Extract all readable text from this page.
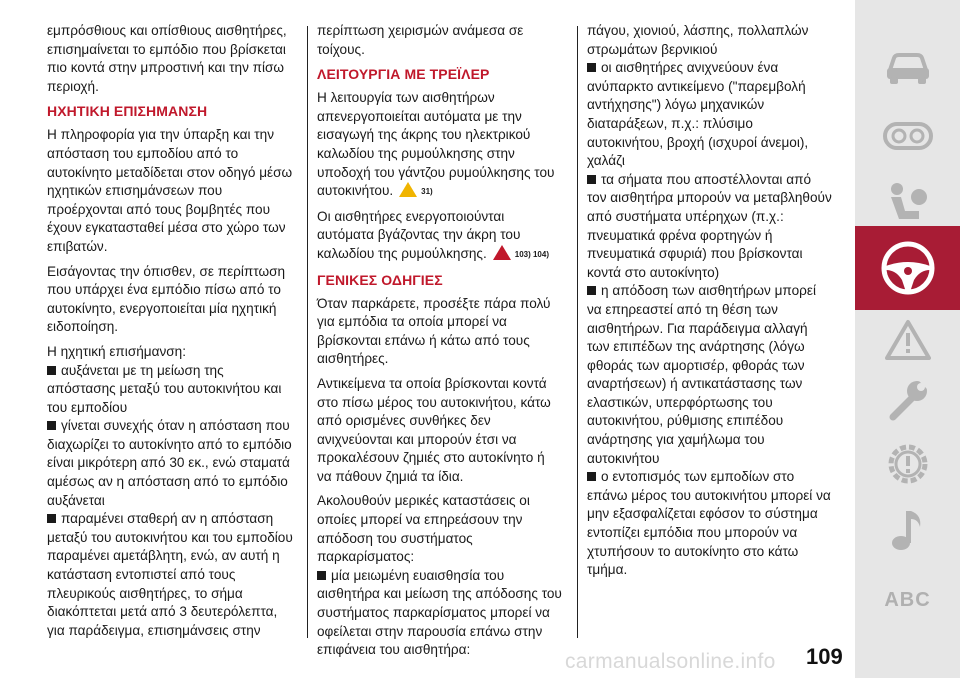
εμπρόσθιους και οπίσθιους αισθητήρες, επισημαίνεται το εμπόδιο που βρίσκεται πιο κοντά στην μπροστινή και την πίσω περιοχή.

ΗΧΗΤΙΚΗ ΕΠΙΣΗΜΑΝΣΗ

Η πληροφορία για την ύπαρξη και την απόσταση του εμποδίου από το αυτοκίνητο μεταδίδεται στον οδηγό μέσω ηχητικών επισημάνσεων που προέρχονται από τους βομβητές που έχουν εγκατασταθεί μέσα στο χώρο των επιβατών.

Εισάγοντας την όπισθεν, σε περίπτωση που υπάρχει ένα εμπόδιο πίσω από το αυτοκίνητο, ενεργοποιείται μία ηχητική ειδοποίηση.

Η ηχητική επισήμανση:

αυξάνεται με τη μείωση της απόστασης μεταξύ του αυτοκινήτου και του εμποδίου

γίνεται συνεχής όταν η απόσταση που διαχωρίζει το αυτοκίνητο από το εμπόδιο είναι μικρότερη από 30 εκ., ενώ σταματά αμέσως αν η απόσταση από το εμπόδιο αυξάνεται

παραμένει σταθερή αν η απόσταση μεταξύ του αυτοκινήτου και του εμποδίου παραμένει αμετάβλητη, ενώ, αν αυτή η κατάσταση εντοπιστεί από τους πλευρικούς αισθητήρες, το σήμα διακόπτεται μετά από 3 δευτερόλεπτα, για παράδειγμα, επισημάνσεις στην

περίπτωση χειρισμών ανάμεσα σε τοίχους.

ΛΕΙΤΟΥΡΓΙΑ ΜΕ ΤΡΕΪΛΕΡ

Η λειτουργία των αισθητήρων απενεργοποιείται αυτόματα με την εισαγωγή της άκρης του ηλεκτρικού καλωδίου της ρυμούλκησης στην υποδοχή του γάντζου ρυμούλκησης του αυτοκινήτου.	31)

Οι αισθητήρες ενεργοποιούνται αυτόματα βγάζοντας την άκρη του καλωδίου της ρυμούλκησης.	103) 104)

ΓΕΝΙΚΕΣ ΟΔΗΓΙΕΣ

Όταν παρκάρετε, προσέξτε πάρα πολύ για εμπόδια τα οποία μπορεί να βρίσκονται επάνω ή κάτω από τους αισθητήρες.

Αντικείμενα τα οποία βρίσκονται κοντά στο πίσω μέρος του αυτοκινήτου, κάτω από ορισμένες συνθήκες δεν ανιχνεύονται και μπορούν έτσι να προκαλέσουν ζημιές στο αυτοκίνητο ή να πάθουν ζημιά τα ίδια.

Ακολουθούν μερικές καταστάσεις οι οποίες μπορεί να επηρεάσουν την απόδοση του συστήματος παρκαρίσματος:

μία μειωμένη ευαισθησία του αισθητήρα και μείωση της απόδοσης του συστήματος παρκαρίσματος μπορεί να οφείλεται στην παρουσία επάνω στην επιφάνεια του αισθητήρα:

πάγου, χιονιού, λάσπης, πολλαπλών στρωμάτων βερνικιού

οι αισθητήρες ανιχνεύουν ένα ανύπαρκτο αντικείμενο ("παρεμβολή αντήχησης") λόγω μηχανικών διαταράξεων, π.χ.: πλύσιμο αυτοκινήτου, βροχή (ισχυροί άνεμοι), χαλάζι

τα σήματα που αποστέλλονται από τον αισθητήρα μπορούν να μεταβληθούν από συστήματα υπέρηχων (π.χ.: πνευματικά φρένα φορτηγών ή πνευματικά σφυριά) που βρίσκονται κοντά στο αυτοκίνητο)

η απόδοση των αισθητήρων μπορεί να επηρεαστεί από τη θέση των αισθητήρων. Για παράδειγμα αλλαγή των επιπέδων της ανάρτησης (λόγω φθοράς των αμορτισέρ, φθοράς των αναρτήσεων) ή αντικατάστασης των ελαστικών, υπερφόρτωσης του αυτοκινήτου, ρύθμισης επιπέδου ανάρτησης για χαμήλωμα του αυτοκινήτου

ο εντοπισμός των εμποδίων στο επάνω μέρος του αυτοκινήτου μπορεί να μην εξασφαλίζεται εφόσον το σύστημα εντοπίζει εμπόδια που μπορούν να χτυπήσουν το αυτοκίνητο στο κάτω τμήμα.

ABC
carmanualsonline.info 109
